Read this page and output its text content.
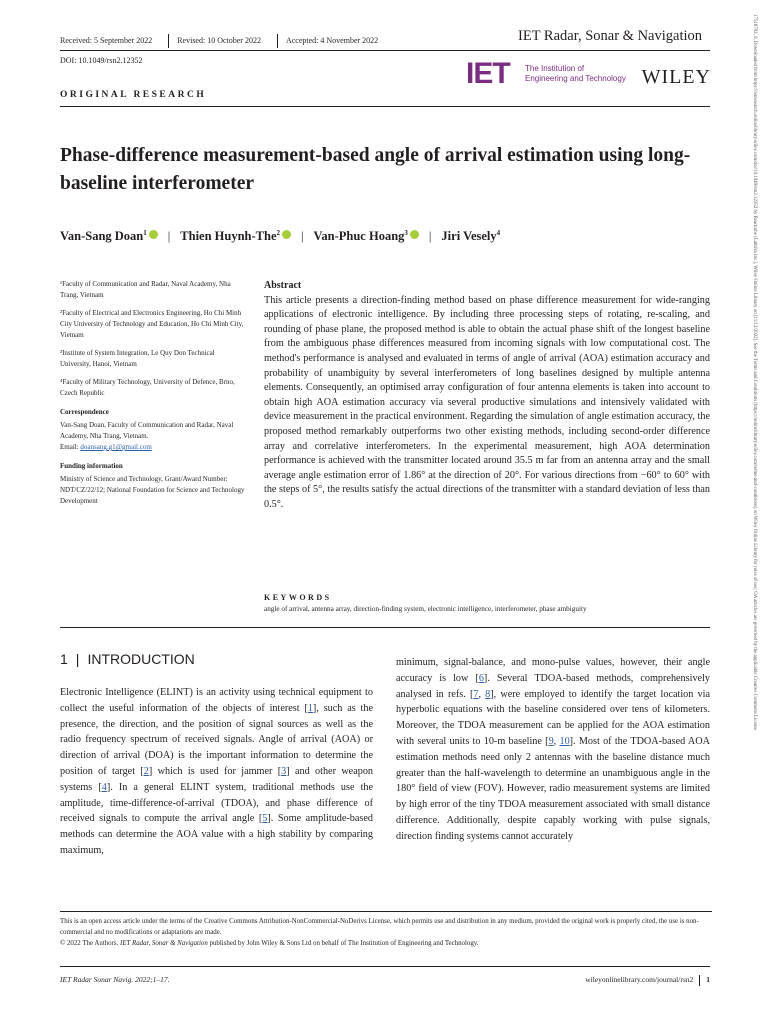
Received: 5 September 2022	Revised: 10 October 2022	Accepted: 4 November 2022	IET Radar, Sonar & Navigation
DOI: 10.1049/rsn2.12352	IET The Institution of
Engineering and Technology WILEY
ORIGINAL RESEARCH
Phase-difference measurement-based angle of arrival estimation using long-baseline interferometer
Van-Sang Doan$^1$ | Thien Huynh-The$^2$ | Van-Phuc Hoang$^3$ | Jiri Vesely$^4$

¹Faculty of Communication and Radar, Naval Academy, Nha Trang, Vietnam

²Faculty of Electrical and Electronics Engineering, Ho Chi Minh City University of Technology and Education, Ho Chi Minh City, Vietnam

³Institute of System Integration, Le Quy Don Technical University, Hanoi, Vietnam

⁴Faculty of Military Technology, University of Defence, Brno, Czech Republic

Correspondence

Van-Sang Doan, Faculty of Communication and Radar, Naval Academy, Nha Trang, Vietnam.

Email: doansang.g1@gmail.com

Funding information

Ministry of Science and Technology, Grant/Award Number: NDT/CZ/22/12; National Foundation for Science and Technology Development

Abstract

This article presents a direction-finding method based on phase difference measurement for wide-ranging applications of electronic intelligence. By including three processing steps of rotating, re-scaling, and rounding of phase plane, the proposed method is able to obtain the actual phase shift of the longest baseline from the ambiguous phase differences measured from incoming signals with low computational cost. The method's performance is analysed and evaluated in terms of angle of arrival (AOA) estimation accuracy and probability of unambiguity by several interferometers of long baselines designed by multiple antenna elements. Consequently, an optimised array configuration of four antenna elements is taken into account to obtain high AOA estimation accuracy via several productive simulations and intensively validated with device measurement in the practical environment. Regarding the simulation of angle estimation accuracy, the proposed method remarkably outperforms two other existing methods, including second-order difference array and correlative interferometers. In the experimental measurement, high AOA determination performance is achieved with the transmitter located around 35.5 m far from an antenna array and the small average angle estimation error of 1.86° at the direction of 20°. For various directions from −60° to 60° with the steps of 5°, the results satisfy the actual directions of the transmitter with a standard deviation of less than 0.5°.

KEYWORDS
angle of arrival, antenna array, direction-finding system, electronic intelligence, interferometer, phase ambiguity
1 | INTRODUCTION
Electronic Intelligence (ELINT) is an activity using technical equipment to collect the useful information of the objects of interest [1], such as the presence, the direction, and the position of signal sources as well as the radio frequency spectrum of received signals. Angle of arrival (AOA) or direction of arrival (DOA) is the important information to determine the position of target [2] which is used for jammer [3] and other weapon systems [4]. In a general ELINT system, traditional methods use the amplitude, time-difference-of-arrival (TDOA), and phase difference of received signals to compute the arrival angle [5]. Some amplitude-based methods can determine the AOA value with a high stability by comparing maximum,
minimum, signal-balance, and mono-pulse values, however, their angle accuracy is low [6]. Several TDOA-based methods, comprehensively analysed in refs. [7, 8], were employed to identify the target location via hyperbolic equations with the baseline considered over tens of kilometers. Moreover, the TDOA measurement can be applied for the AOA estimation with several units to 10-m baseline [9, 10]. Most of the TDOA-based AOA estimation methods need only 2 antennas with the baseline distance much greater than the half-wavelength to determine an unambiguous angle in the 180° field of view (FOV). However, radio measurement systems are limited by high error of the tiny TDOA measurement associated with small distance difference. Additionally, despite capably working with pulse signals, direction finding systems cannot accurately

This is an open access article under the terms of the Creative Commons Attribution-NonCommercial-NoDerivs License, which permits use and distribution in any medium, provided the original work is properly cited, the use is non-commercial and no modifications or adaptations are made.

© 2022 The Authors. IET Radar, Sonar & Navigation published by John Wiley & Sons Ltd on behalf of The Institution of Engineering and Technology.

IET Radar Sonar Navig. 2022;1–17.	wileyonlinelibrary.com/journal/rsn2 1
17518792, 0, Downloaded from https://ietresearch.onlinelibrary.wiley.com/doi/10.1049/rsn2.12352 by Readcube (Labtiva Inc.), Wiley Online Library on [11/12/2022]. See the Terms and Conditions (https://onlinelibrary.wiley.com/terms-and-conditions) on Wiley Online Library for rules of use; OA articles are governed by the applicable Creative Commons License
